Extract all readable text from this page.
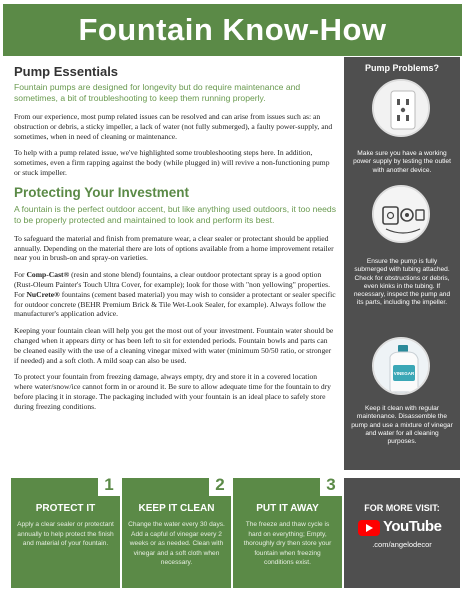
Fountain Know-How
Pump Essentials
Fountain pumps are designed for longevity but do require maintenance and sometimes, a bit of troubleshooting to keep them running properly.
From our experience, most pump related issues can be resolved and can arise from issues such as: an obstruction or debris, a sticky impeller, a lack of water (not fully submerged), a faulty power-supply, and sometimes, when in need of cleaning or maintenance.
To help with a pump related issue, we've highlighted some troubleshooting steps here. In addition, sometimes, even a firm rapping against the body (while plugged in) will revive a non-functioning pump or stuck impeller.
Protecting Your Investment
A fountain is the perfect outdoor accent, but like anything used outdoors, it too needs to be properly protected and maintained to look and perform its best.
To safeguard the material and finish from premature wear, a clear sealer or protectant should be applied annually. Depending on the material there are lots of options available from a home improvement retailer near you in brush-on and spray-on varieties.
For Comp-Cast® (resin and stone blend) fountains, a clear outdoor protectant spray is a good option (Rust-Oleum Painter's Touch Ultra Cover, for example); look for those with "non yellowing" properties. For NuCrete® fountains (cement based material) you may wish to consider a protectant or sealer specific for outdoor concrete (BEHR Premium Brick & Tile Wet-Look Sealer, for example). Always follow the manufacturer's application advice.
Keeping your fountain clean will help you get the most out of your investment. Fountain water should be changed when it appears dirty or has been left to sit for extended periods. Fountain bowls and parts can be cleaned easily with the use of a cleaning vinegar mixed with water (minimum 50/50 ratio, or stronger if needed) and a soft cloth. A mild soap can also be used.
To protect your fountain from freezing damage, always empty, dry and store it in a covered location where water/snow/ice cannot form in or around it. Be sure to allow adequate time for the fountain to dry before placing it in storage. The packaging included with your fountain is an ideal place to safely store during freezing conditions.
Pump Problems?
Make sure you have a working power supply by testing the outlet with another device.
Ensure the pump is fully submerged with tubing attached. Check for obstructions or debris, even kinks in the tubing. If necessary, inspect the pump and its parts, including the impeller.
VINEGAR
Keep it clean with regular maintenance. Disassemble the pump and use a mixture of vinegar and water for all cleaning purposes.
1
PROTECT IT
Apply a clear sealer or protectant annually to help protect the finish and material of your fountain.
2
KEEP IT CLEAN
Change the water every 30 days. Add a capful of vinegar every 2 weeks or as needed. Clean with vinegar and a soft cloth when necessary.
3
PUT IT AWAY
The freeze and thaw cycle is hard on everything; Empty, thoroughly dry then store your fountain when freezing conditions exist.
FOR MORE VISIT:
YouTube
.com/angelodecor
